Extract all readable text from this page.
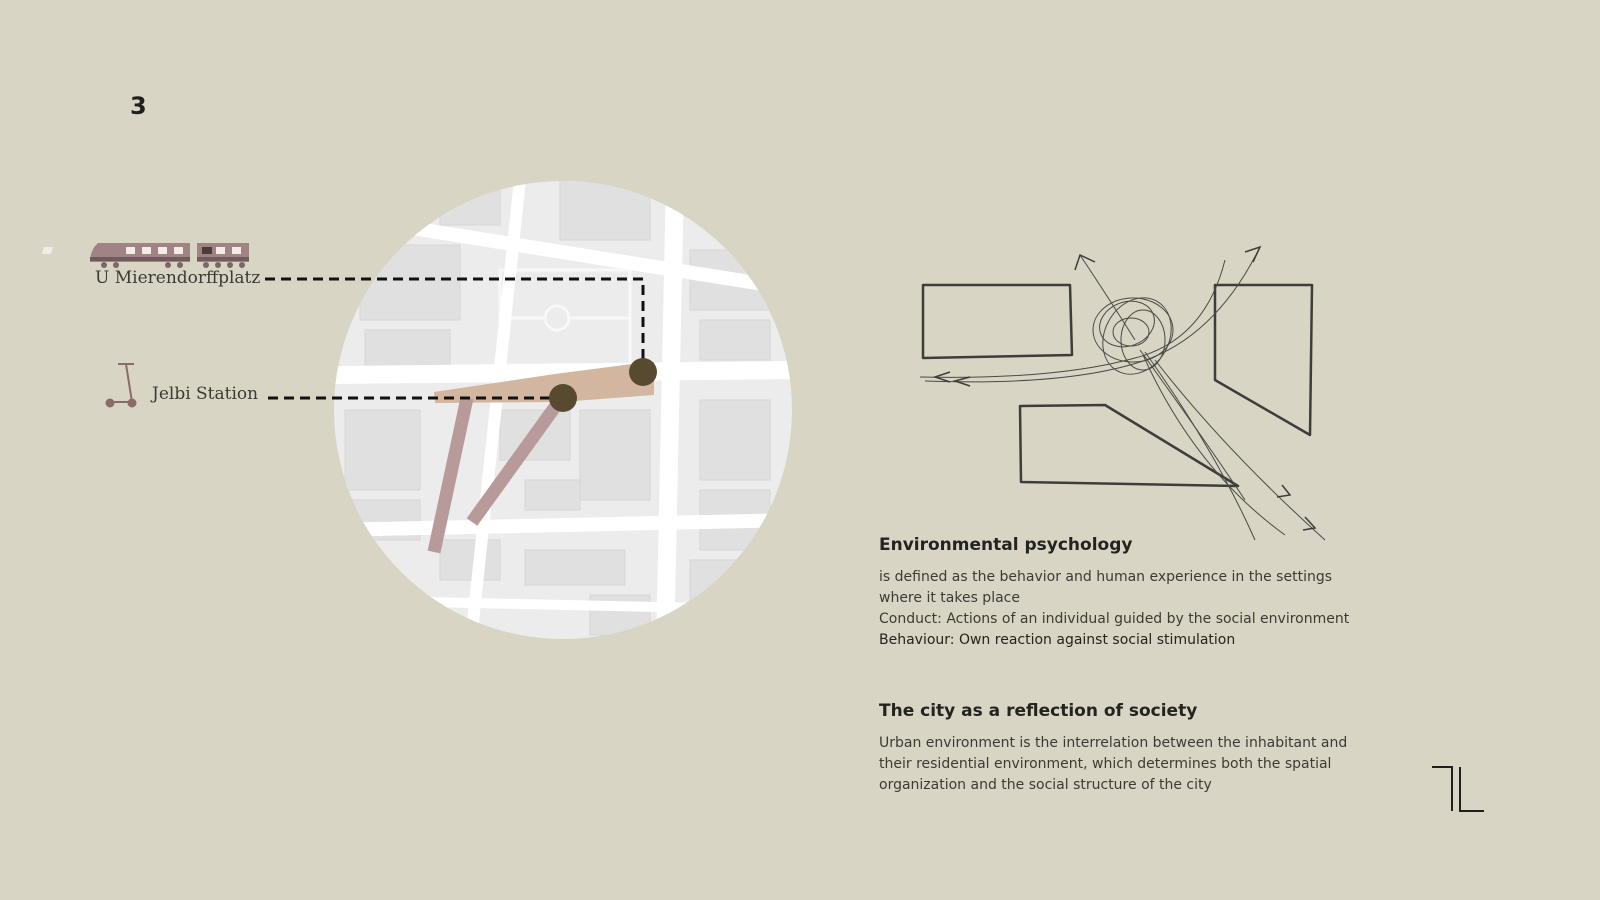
3
U Mierendorffplatz
Jelbi Station

Environmental psychology

is defined as the behavior and human experience in the settings

where it takes place

Conduct: Actions of an individual guided by the social environment

Behaviour: Own reaction against social stimulation

The city as a reflection of society

Urban environment is the interrelation between the inhabitant and

their residential environment, which determines both the spatial

organization and the social structure of the city
